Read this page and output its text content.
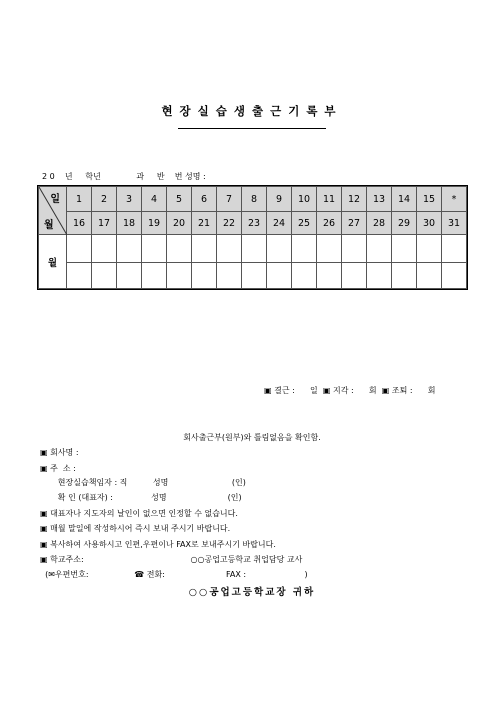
현장실습생출근기록부
2 0    년     학년              과     반    번 성명 :
일
월	1	2	3	4	5	6	7	8	9	10	11	12	13	14	15	*
	16	17	18	19	20	21	22	23	24	25	26	27	28	29	30	31
월																

▣ 결근 :      일  ▣ 지각 :      회  ▣ 조퇴 :      회
회사출근부(원부)와 틀림없음을 확인함.
▣ 회사명 :
▣ 주  소 :
현장실습책임자 : 직          성명                         (인)
확 인 (대표자) :               성명                        (인)
▣ 대표자나 지도자의 날인이 없으면 인정할 수 없습니다.
▣ 매월 말일에 작성하시어 즉시 보내 주시기 바랍니다.
▣ 복사하여 사용하시고 인편,우편이나 FAX로 보내주시기 바랍니다.
▣ 학교주소:                                          ○○공업고등학교 취업담당 교사
(✉우편번호:                  ☎ 전화:                        FAX :                       )
○○공업고등학교장 귀하
